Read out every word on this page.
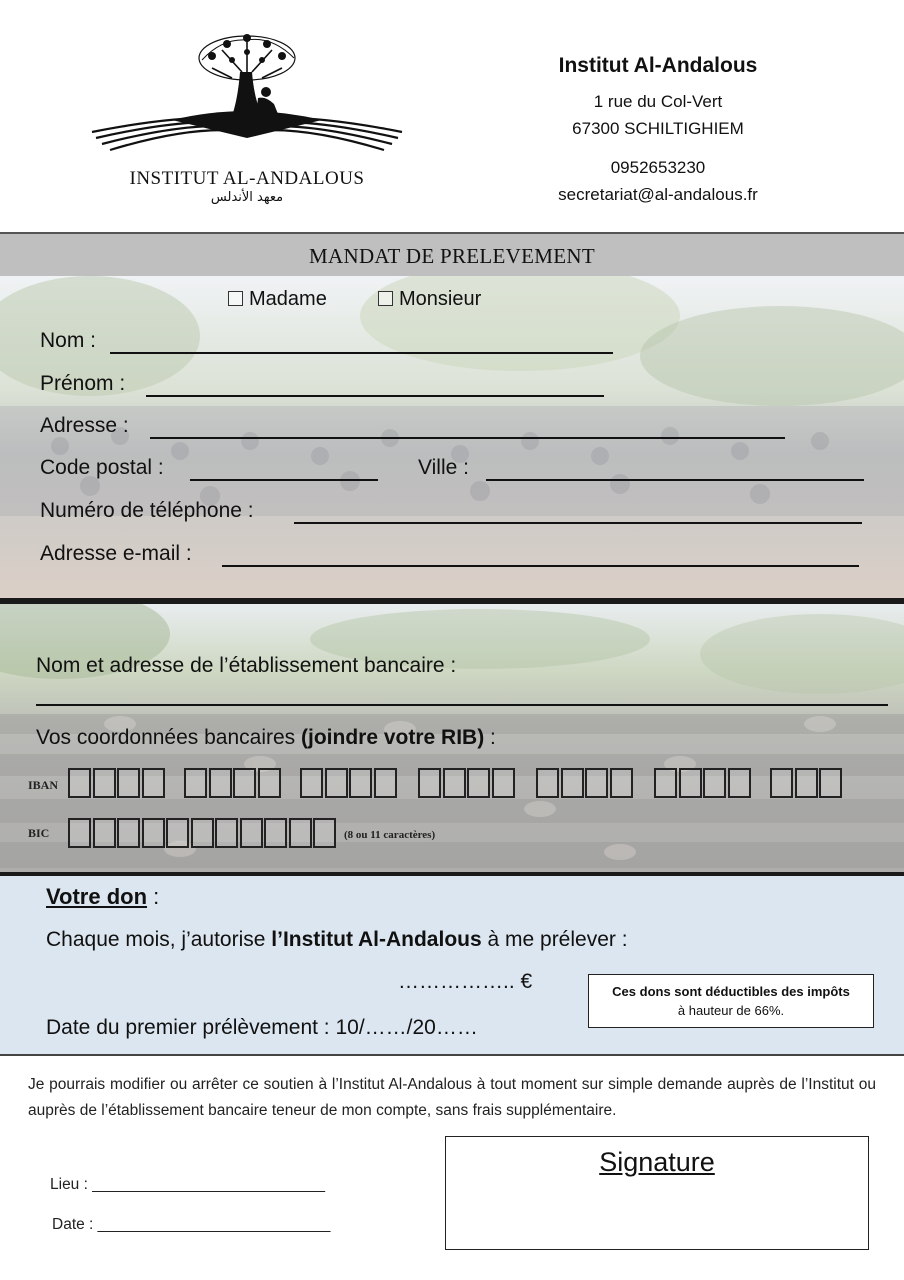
INSTITUT AL-ANDALOUS
معهد الأندلس
Institut Al-Andalous
1 rue du Col-Vert
67300 SCHILTIGHIEM
0952653230
secretariat@al-andalous.fr
MANDAT DE PRELEVEMENT
Madame	Monsieur
Nom :
Prénom :
Adresse :
Code postal :	Ville :
Numéro de téléphone :
Adresse e-mail :
Nom et adresse de l’établissement bancaire :
Vos coordonnées bancaires (joindre votre RIB) :
IBAN
BIC	(8 ou 11 caractères)
Votre don :
Chaque mois, j’autorise l’Institut Al-Andalous à me prélever :
…………….. €
Date du premier prélèvement : 10/……/20……
Ces dons sont déductibles des impôts
à hauteur de 66%.
Je pourrais modifier ou arrêter ce soutien à l’Institut Al-Andalous à tout moment sur simple demande auprès de l’Institut ou auprès de l’établissement bancaire teneur de mon compte, sans frais supplémentaire.
Lieu : ___________________________
Date : ___________________________
Signature
